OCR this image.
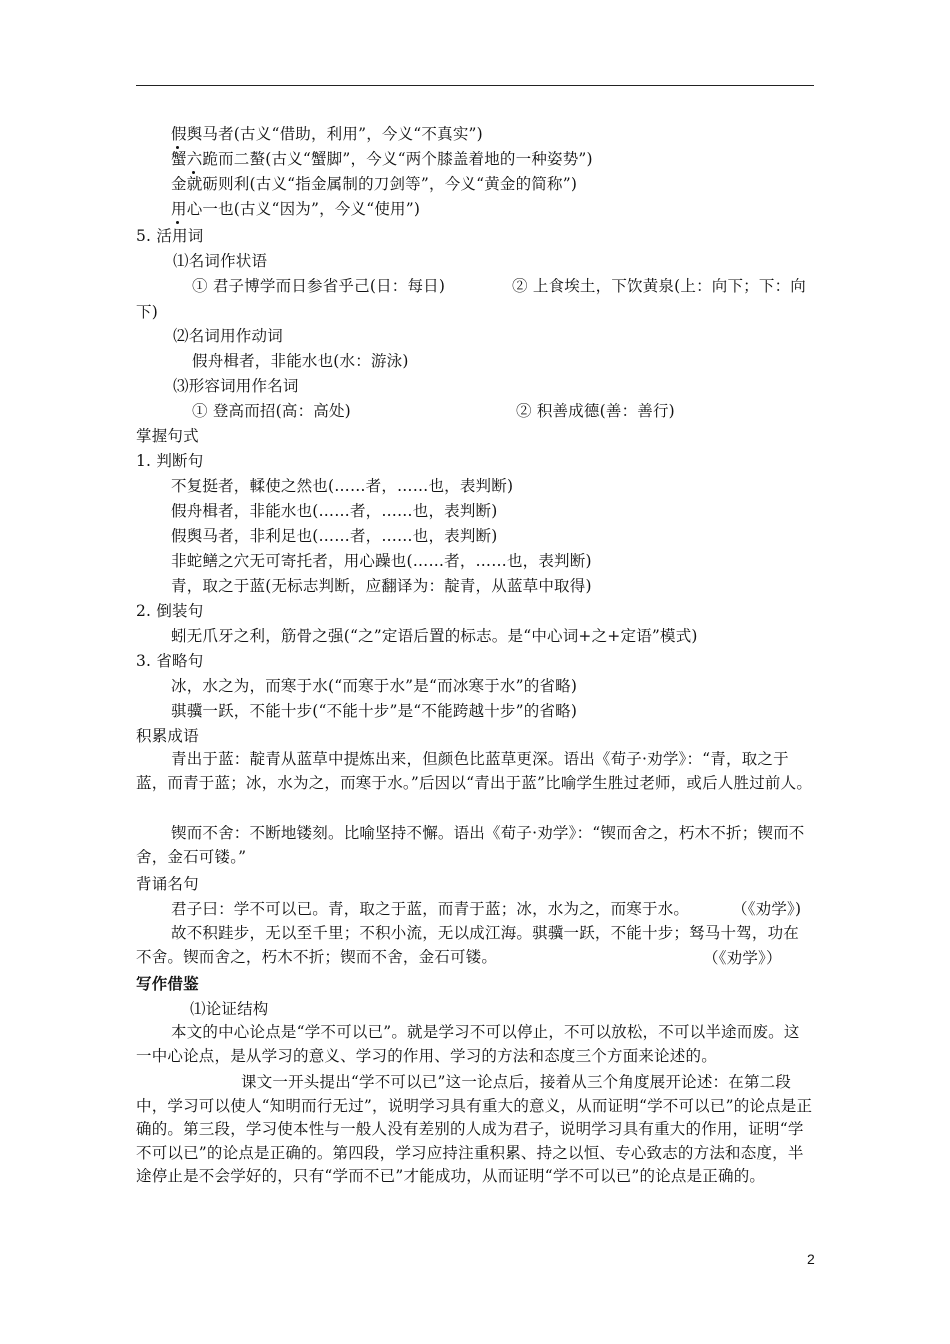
假舆马者(古义“借助，利用”，今义“不真实”)
蟹六跪而二螯(古义“蟹脚”，今义“两个膝盖着地的一种姿势”)
金就砺则利(古义“指金属制的刀剑等”，今义“黄金的简称”)
用心一也(古义“因为”，今义“使用”)
5. 活用词
⑴名词作状语
① 君子博学而日参省乎己(日：每日)	② 上食埃土，下饮黄泉(上：向下；下：向
下)
⑵名词用作动词
假舟楫者，非能水也(水：游泳)
⑶形容词用作名词
① 登高而招(高：高处)	② 积善成德(善：善行)
掌握句式
1. 判断句
不复挺者，輮使之然也(……者，……也，表判断)
假舟楫者，非能水也(……者，……也，表判断)
假舆马者，非利足也(……者，……也，表判断)
非蛇鳝之穴无可寄托者，用心躁也(……者，……也，表判断)
青，取之于蓝(无标志判断，应翻译为：靛青，从蓝草中取得)
2. 倒装句
蚓无爪牙之利，筋骨之强(“之”定语后置的标志。是“中心词+之+定语”模式)
3. 省略句
冰，水之为，而寒于水(“而寒于水”是“而冰寒于水”的省略)
骐骥一跃，不能十步(“不能十步”是“不能跨越十步”的省略)
积累成语
青出于蓝：靛青从蓝草中提炼出来，但颜色比蓝草更深。语出《荀子·劝学》：“青，取之于蓝，而青于蓝；冰，水为之，而寒于水。”后因以“青出于蓝”比喻学生胜过老师，或后人胜过前人。
锲而不舍：不断地镂刻。比喻坚持不懈。语出《荀子·劝学》：“锲而舍之，朽木不折；锲而不舍，金石可镂。”
背诵名句
君子曰：学不可以已。青，取之于蓝，而青于蓝；冰，水为之，而寒于水。	（《劝学》)
故不积跬步，无以至千里；不积小流，无以成江海。骐骥一跃，不能十步；驽马十驾，功在不舍。锲而舍之，朽木不折；锲而不舍，金石可镂。	（《劝学》）
写作借鉴
⑴论证结构
本文的中心论点是“学不可以已”。就是学习不可以停止，不可以放松，不可以半途而废。这一中心论点，是从学习的意义、学习的作用、学习的方法和态度三个方面来论述的。
课文一开头提出“学不可以已”这一论点后，接着从三个角度展开论述：在第二段中，学习可以使人“知明而行无过”，说明学习具有重大的意义，从而证明“学不可以已”的论点是正确的。第三段，学习使本性与一般人没有差别的人成为君子，说明学习具有重大的作用，证明“学不可以已”的论点是正确的。第四段，学习应持注重积累、持之以恒、专心致志的方法和态度，半途停止是不会学好的，只有“学而不已”才能成功，从而证明“学不可以已”的论点是正确的。
2
